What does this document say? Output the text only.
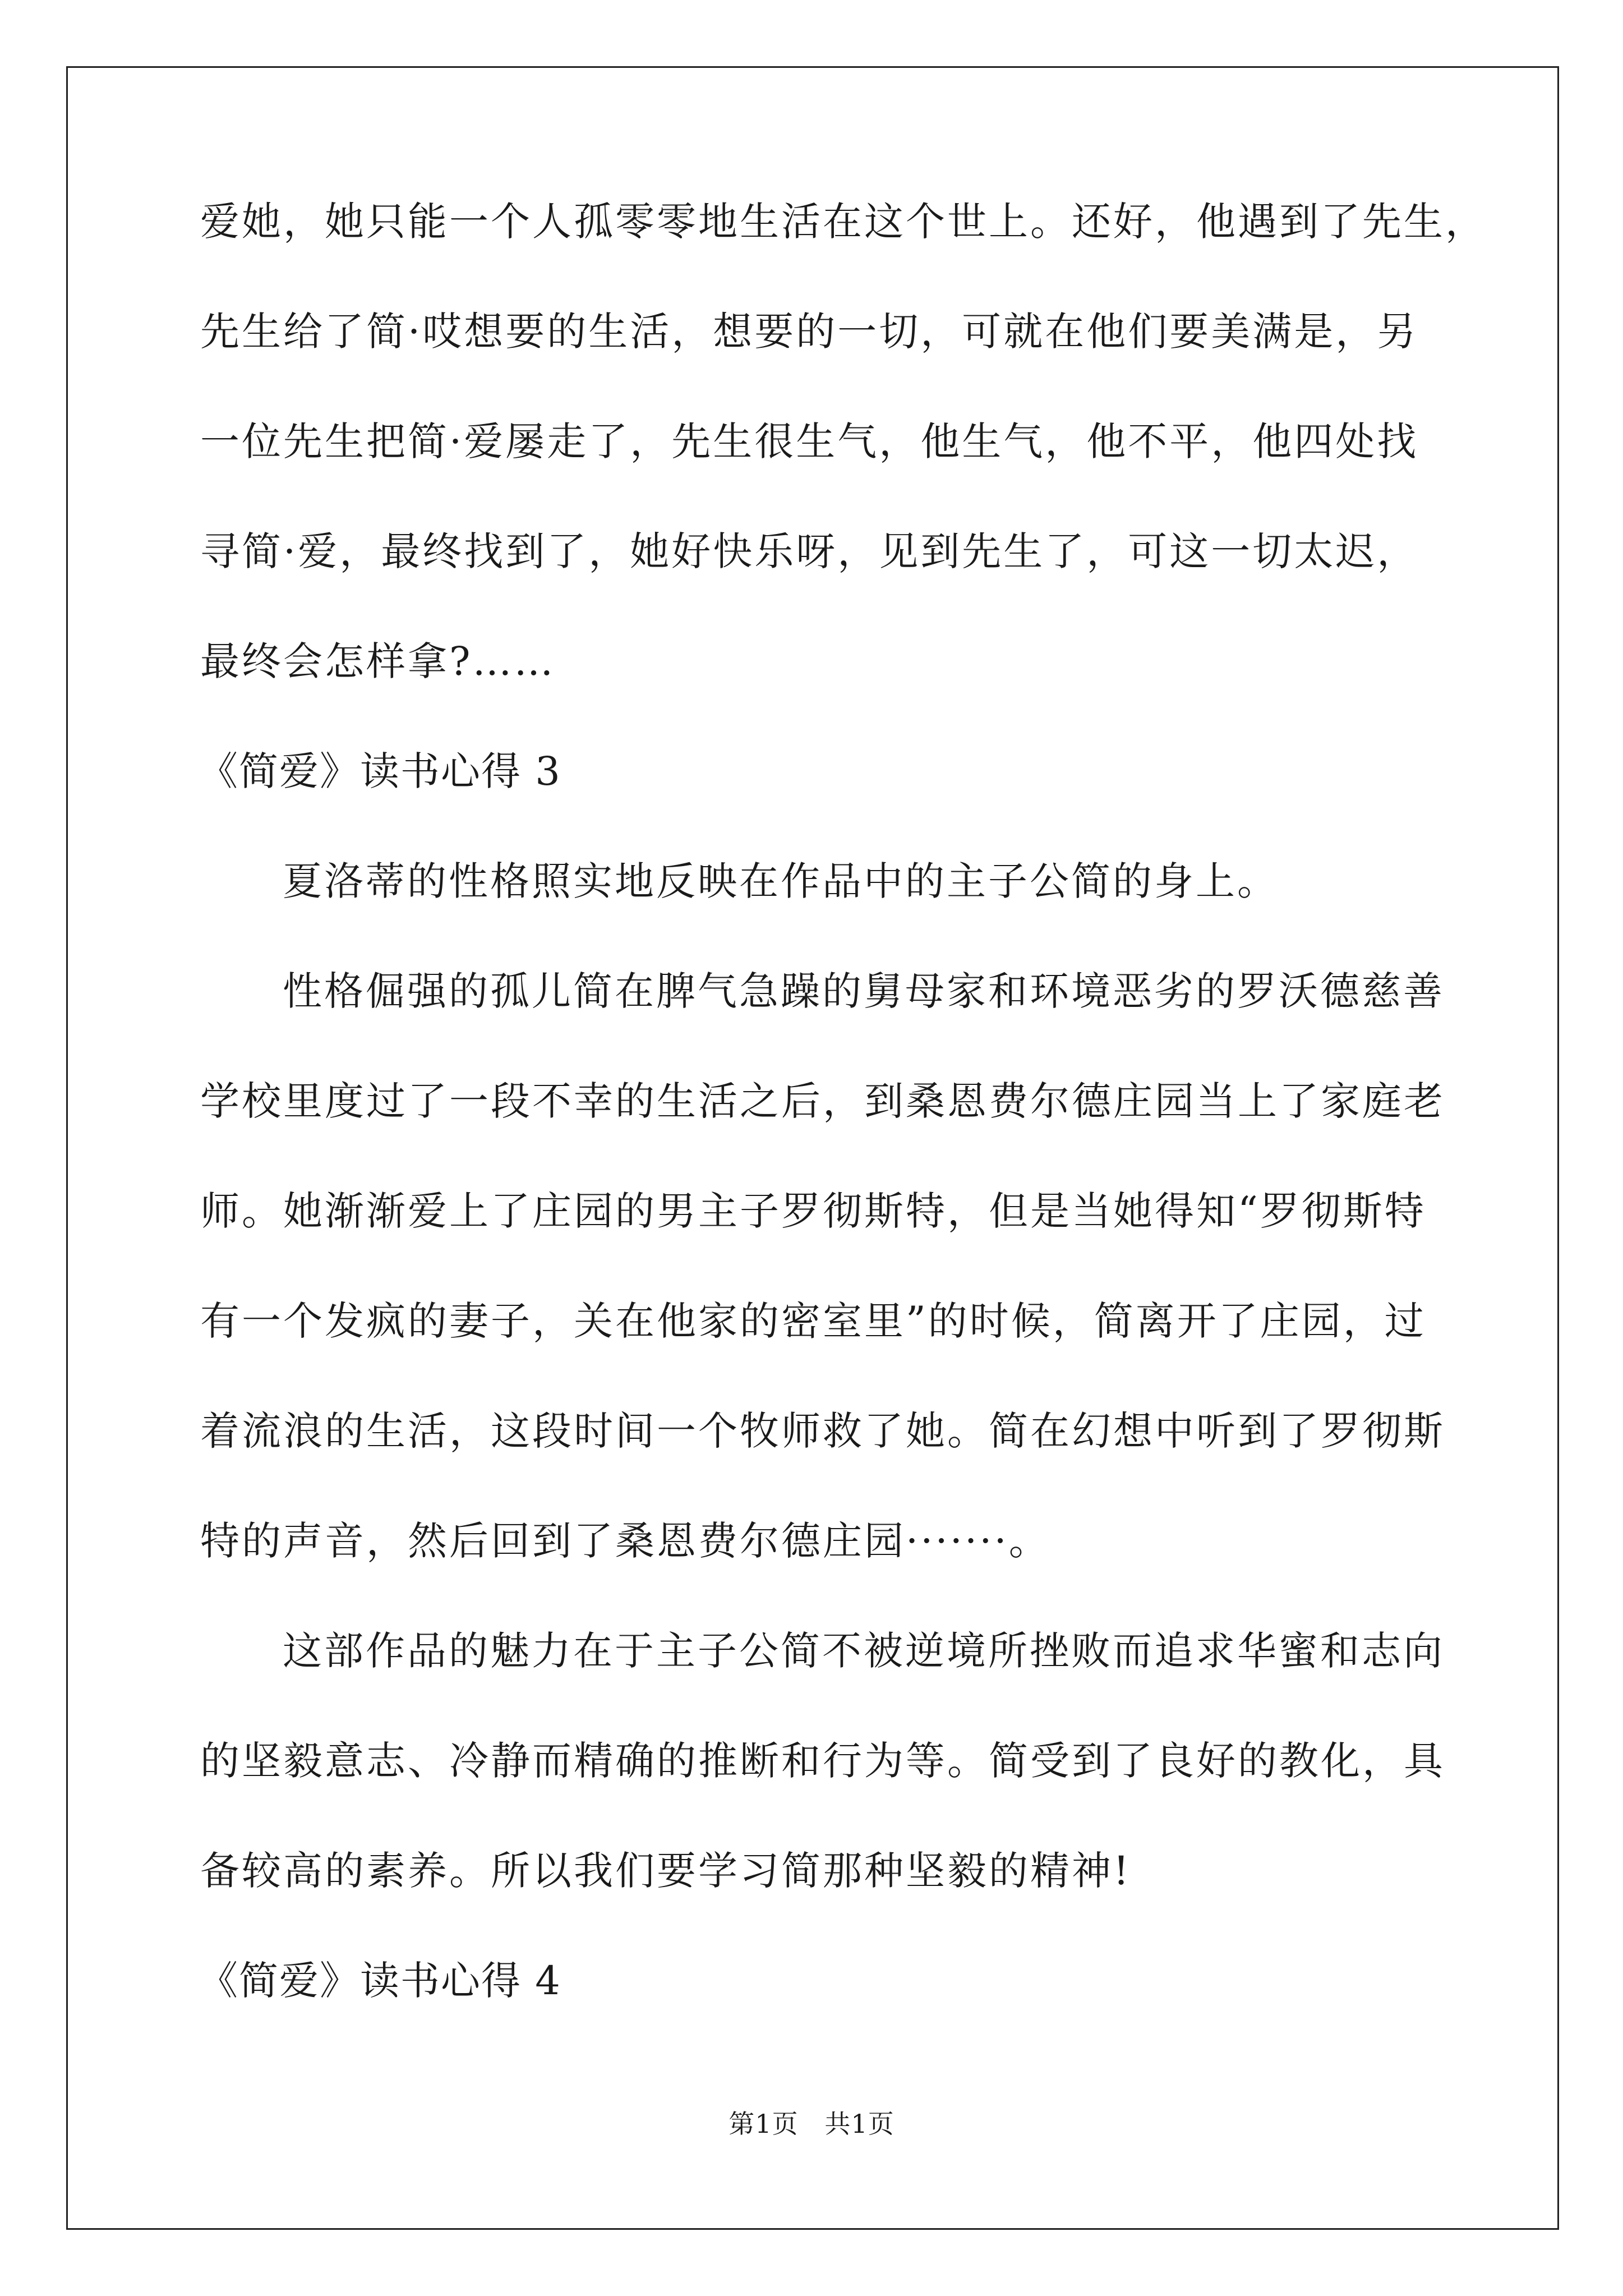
爱她，她只能一个人孤零零地生活在这个世上。还好，他遇到了先生，
先生给了简·哎想要的生活，想要的一切，可就在他们要美满是，另
一位先生把简·爱屡走了，先生很生气，他生气，他不平，他四处找
寻简·爱，最终找到了，她好快乐呀，见到先生了，可这一切太迟，
最终会怎样拿?……
《简爱》读书心得 3
夏洛蒂的性格照实地反映在作品中的主子公简的身上。
性格倔强的孤儿简在脾气急躁的舅母家和环境恶劣的罗沃德慈善
学校里度过了一段不幸的生活之后，到桑恩费尔德庄园当上了家庭老
师。她渐渐爱上了庄园的男主子罗彻斯特，但是当她得知“罗彻斯特
有一个发疯的妻子，关在他家的密室里”的时候，简离开了庄园，过
着流浪的生活，这段时间一个牧师救了她。简在幻想中听到了罗彻斯
特的声音，然后回到了桑恩费尔德庄园·······。
这部作品的魅力在于主子公简不被逆境所挫败而追求华蜜和志向
的坚毅意志、冷静而精确的推断和行为等。简受到了良好的教化，具
备较高的素养。所以我们要学习简那种坚毅的精神!
《简爱》读书心得 4
第1页   共1页
